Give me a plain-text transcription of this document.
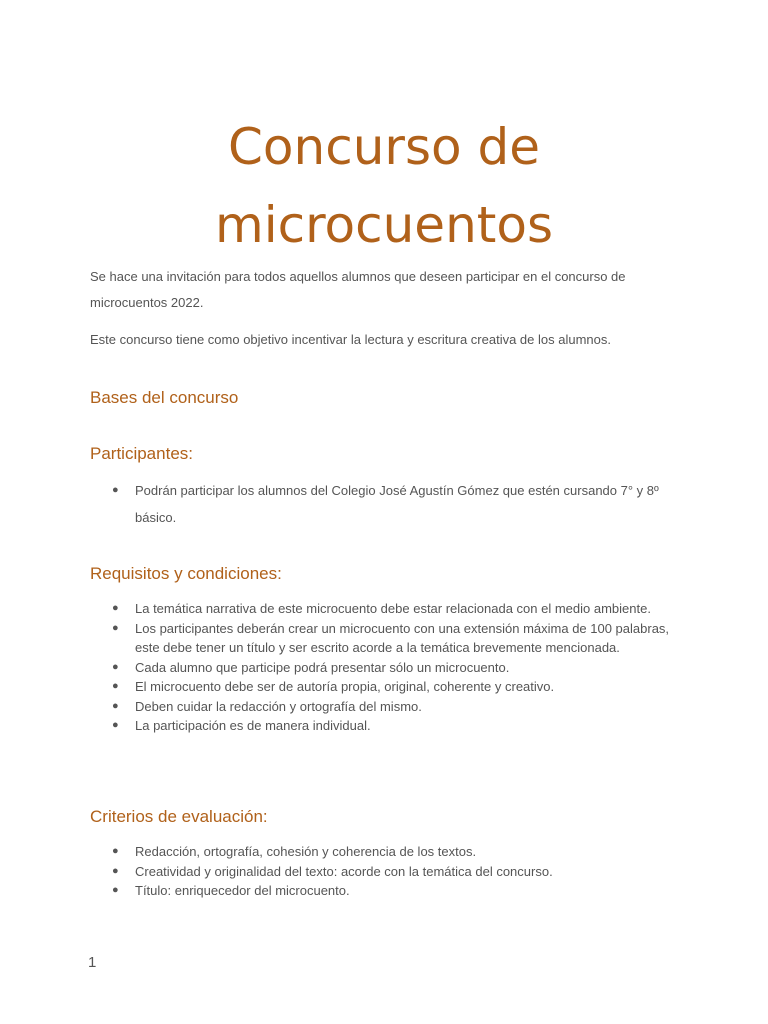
Concurso de
microcuentos

Se hace una invitación para todos aquellos alumnos que deseen participar en el concurso de microcuentos 2022.

Este concurso tiene como objetivo incentivar la lectura y escritura creativa de los alumnos.

Bases del concurso
Participantes:
● Podrán participar los alumnos del Colegio José Agustín Gómez que estén cursando 7° y 8º básico.
Requisitos y condiciones:
● La temática narrativa de este microcuento debe estar relacionada con el medio ambiente.
● Los participantes deberán crear un microcuento con una extensión máxima de 100 palabras, este debe tener un título y ser escrito acorde a la temática brevemente mencionada.
● Cada alumno que participe podrá presentar sólo un microcuento.
● El microcuento debe ser de autoría propia, original, coherente y creativo.
● Deben cuidar la redacción y ortografía del mismo.
● La participación es de manera individual.
Criterios de evaluación:
● Redacción, ortografía, cohesión y coherencia de los textos.
● Creatividad y originalidad del texto: acorde con la temática del concurso.
● Título: enriquecedor del microcuento.
1
